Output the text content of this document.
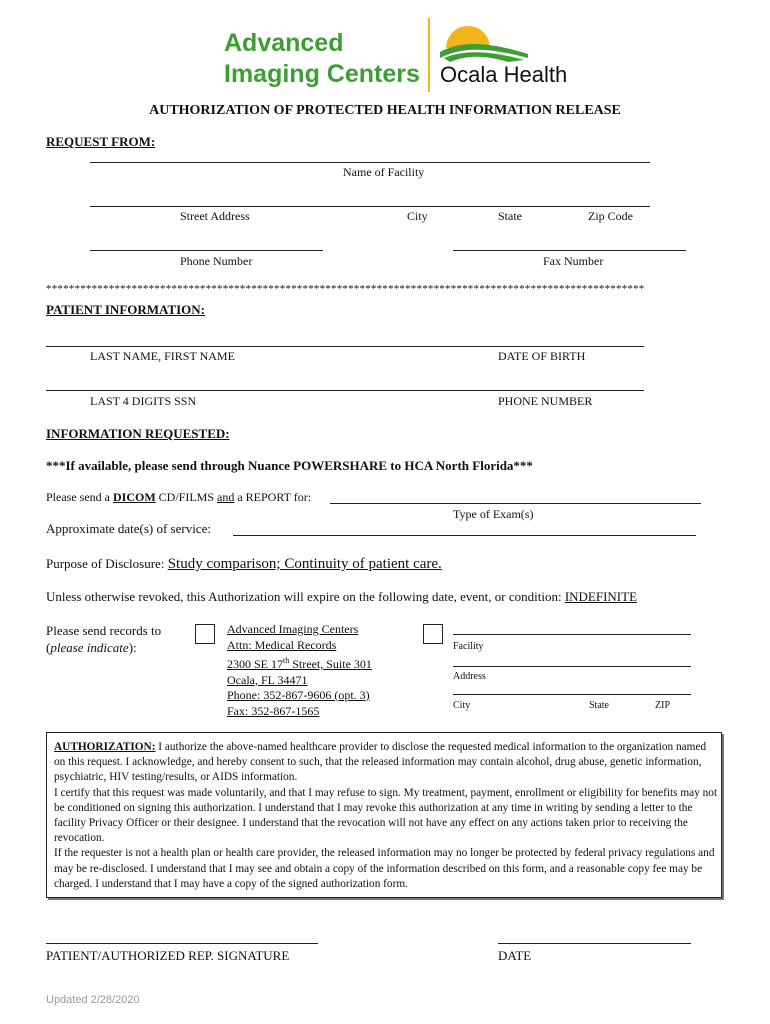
Advanced
Imaging Centers Ocala Health
AUTHORIZATION OF PROTECTED HEALTH INFORMATION RELEASE
REQUEST FROM:
Name of Facility
Street Address	City	State	Zip Code
Phone Number	Fax Number
*********************************************************************************************************
PATIENT INFORMATION:
LAST NAME, FIRST NAME	DATE OF BIRTH
LAST 4 DIGITS SSN	PHONE NUMBER
INFORMATION REQUESTED:
***If available, please send through Nuance POWERSHARE to HCA North Florida***
Please send a DICOM CD/FILMS and a REPORT for:
Type of Exam(s)
Approximate date(s) of service:
Purpose of Disclosure: Study comparison; Continuity of patient care.
Unless otherwise revoked, this Authorization will expire on the following date, event, or condition: INDEFINITE
Please send records to
(please indicate):
Advanced Imaging Centers
Attn: Medical Records
2300 SE 17th Street, Suite 301
Ocala, FL 34471
Phone: 352-867-9606 (opt. 3)
Fax: 352-867-1565
Facility
Address
City	State	ZIP

AUTHORIZATION: I authorize the above-named healthcare provider to disclose the requested medical information to the organization named on this request. I acknowledge, and hereby consent to such, that the released information may contain alcohol, drug abuse, genetic information, psychiatric, HIV testing/results, or AIDS information.

I certify that this request was made voluntarily, and that I may refuse to sign. My treatment, payment, enrollment or eligibility for benefits may not be conditioned on signing this authorization. I understand that I may revoke this authorization at any time in writing by sending a letter to the facility Privacy Officer or their designee. I understand that the revocation will not have any effect on any actions taken prior to receiving the revocation.

If the requester is not a health plan or health care provider, the released information may no longer be protected by federal privacy regulations and may be re-disclosed. I understand that I may see and obtain a copy of the information described on this form, and a reasonable copy fee may be charged. I understand that I may have a copy of the signed authorization form.

PATIENT/AUTHORIZED REP. SIGNATURE	DATE
Updated 2/28/2020
